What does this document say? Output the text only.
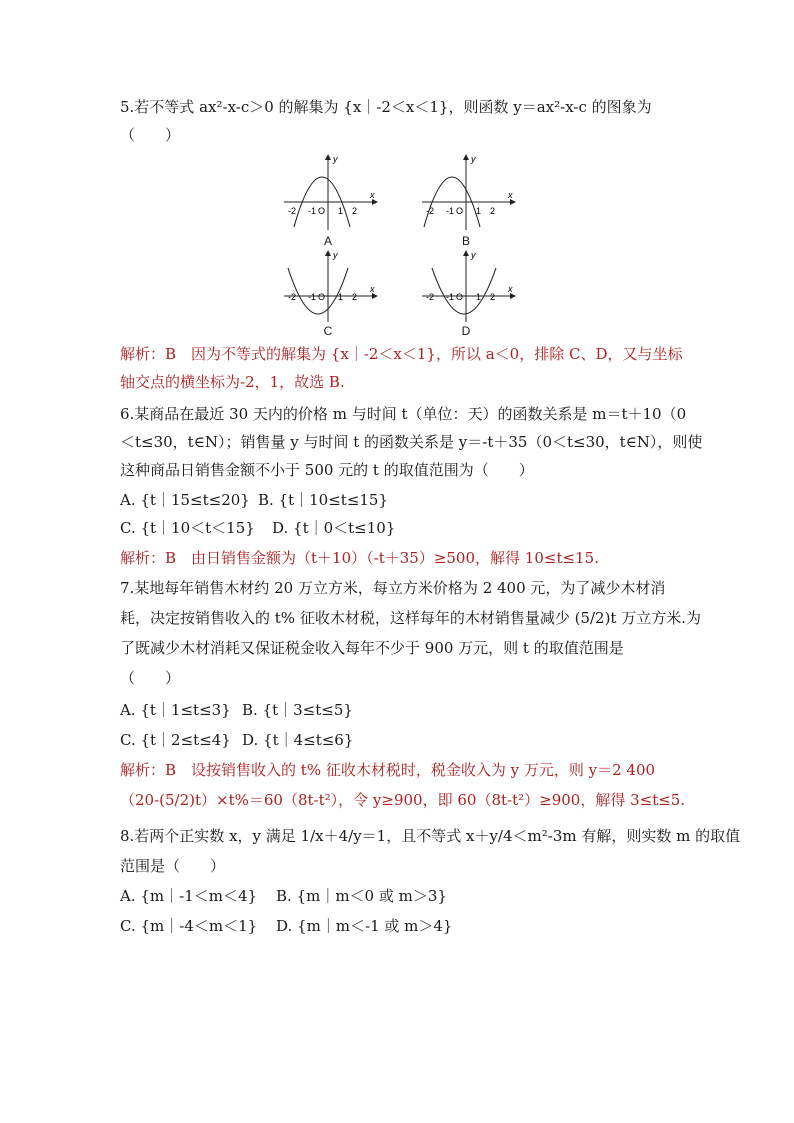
5.若不等式 ax²-x-c＞0 的解集为 {x｜-2＜x＜1}，则函数 y＝ax²-x-c 的图象为
（　　）
y
x
-2 -1 O 1 2
A
y
x
-2 -1 O 1 2
B
y
x
-2 -1 O 1 2
C
y
x
-2 -1 O 1 2
D
解析：B　因为不等式的解集为 {x｜-2＜x＜1}，所以 a＜0，排除 C、D，又与坐标
轴交点的横坐标为-2，1，故选 B.
6.某商品在最近 30 天内的价格 m 与时间 t（单位：天）的函数关系是 m＝t＋10（0
＜t≤30，t∈N）；销售量 y 与时间 t 的函数关系是 y＝-t＋35（0＜t≤30，t∈N），则使
这种商品日销售金额不小于 500 元的 t 的取值范围为（　　）
A. {t｜15≤t≤20} B. {t｜10≤t≤15}
C. {t｜10＜t＜15} D. {t｜0＜t≤10}
解析：B　由日销售金额为（t＋10）（-t＋35）≥500，解得 10≤t≤15.
7.某地每年销售木材约 20 万立方米，每立方米价格为 2 400 元，为了减少木材消
耗，决定按销售收入的 t% 征收木材税，这样每年的木材销售量减少 (5/2)t 万立方米.为
了既减少木材消耗又保证税金收入每年不少于 900 万元，则 t 的取值范围是
（　　）
A. {t｜1≤t≤3} B. {t｜3≤t≤5}
C. {t｜2≤t≤4} D. {t｜4≤t≤6}
解析：B　设按销售收入的 t% 征收木材税时，税金收入为 y 万元，则 y＝2 400
（20-(5/2)t）×t%＝60（8t-t²），令 y≥900，即 60（8t-t²）≥900，解得 3≤t≤5.
8.若两个正实数 x，y 满足 1/x＋4/y＝1，且不等式 x＋y/4＜m²-3m 有解，则实数 m 的取值
范围是（　　）
A. {m｜-1＜m＜4} B. {m｜m＜0 或 m＞3}
C. {m｜-4＜m＜1} D. {m｜m＜-1 或 m＞4}
